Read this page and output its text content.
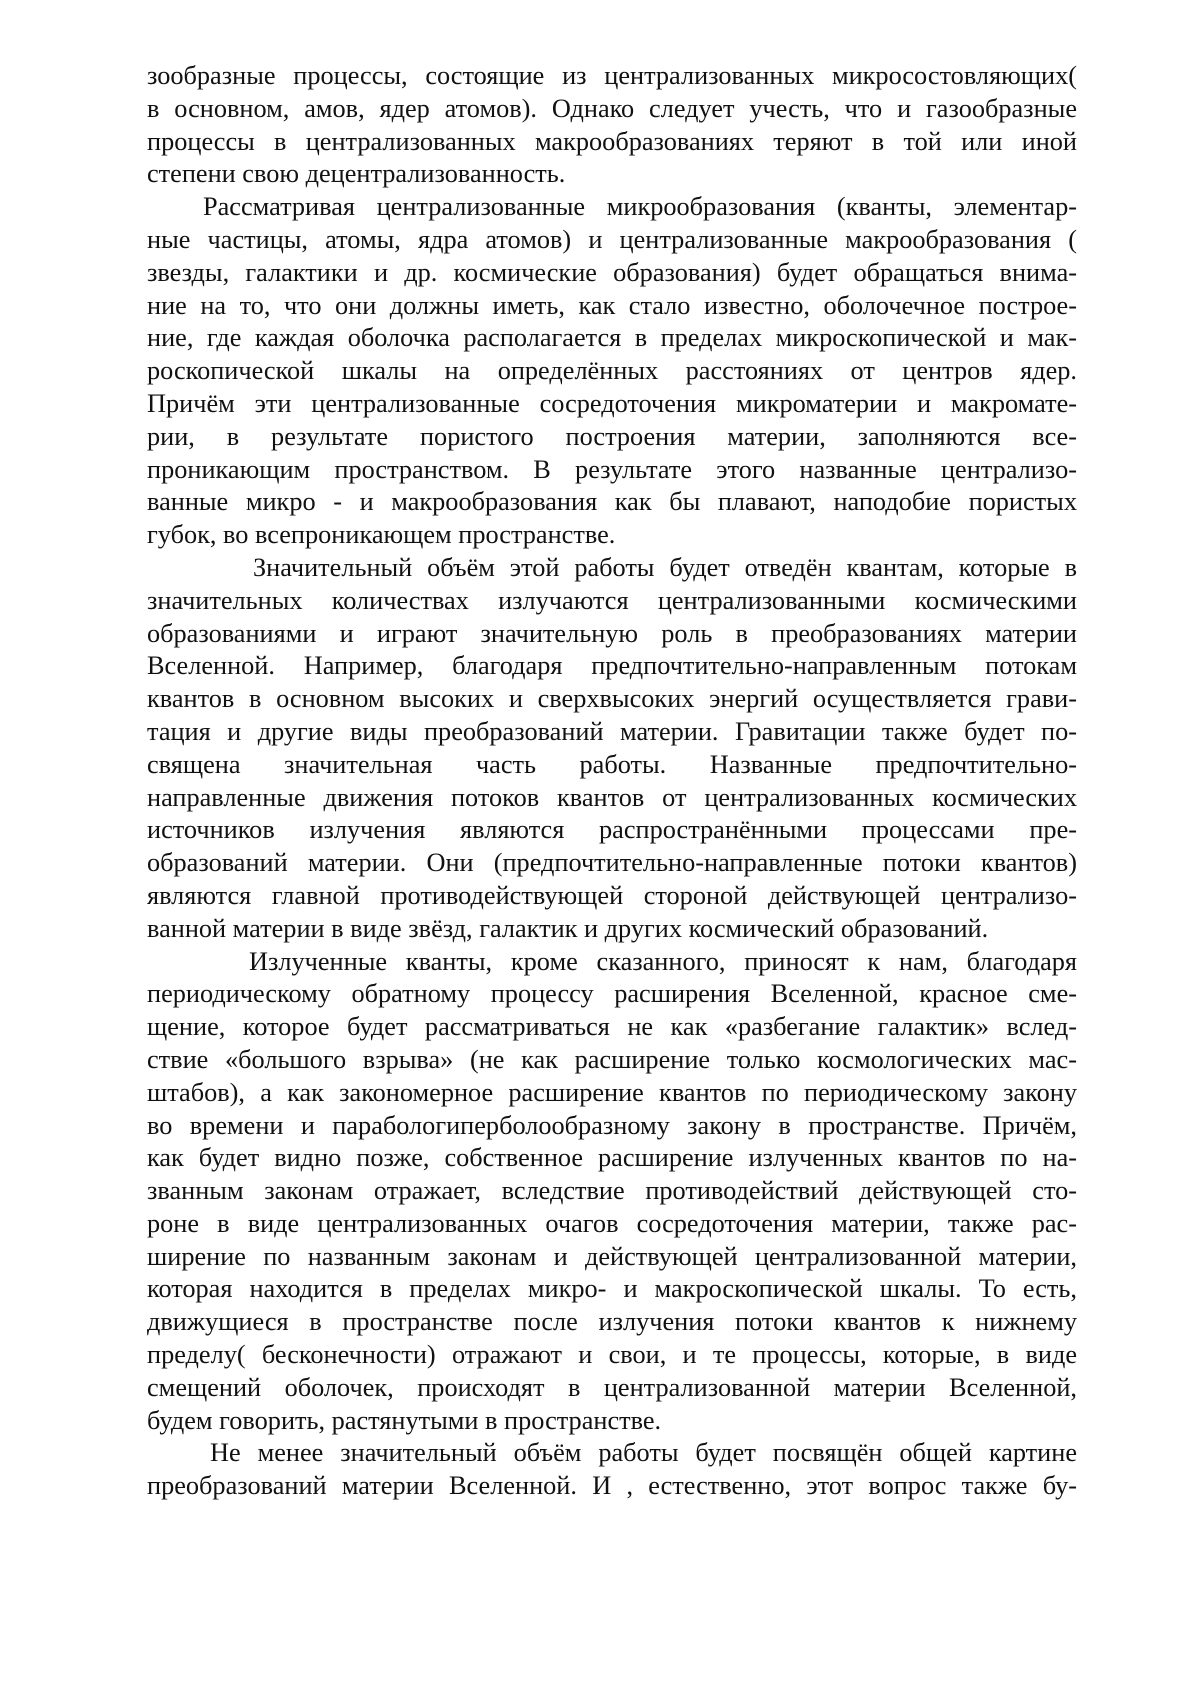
зообразные процессы, состоящие из централизованных микросостовляющих(
в основном, амов, ядер атомов). Однако следует учесть, что и газообразные
процессы в централизованных макрообразованиях теряют в той или иной
степени свою децентрализованность.
Рассматривая централизованные микрообразования (кванты, элементар-
ные частицы, атомы, ядра атомов) и централизованные макрообразования (
звезды, галактики и др. космические образования) будет обращаться внима-
ние на то, что они должны иметь, как стало известно, оболочечное построе-
ние, где каждая оболочка располагается в пределах микроскопической и мак-
роскопической шкалы на определённых расстояниях от центров ядер.
Причём эти централизованные сосредоточения микроматерии и макромате-
рии, в результате пористого построения материи, заполняются все-
проникающим пространством. В результате этого названные централизо-
ванные микро - и макрообразования как бы плавают, наподобие пористых
губок, во всепроникающем пространстве.
Значительный объём этой работы будет отведён квантам, которые в
значительных количествах излучаются централизованными космическими
образованиями и играют значительную роль в преобразованиях материи
Вселенной. Например, благодаря предпочтительно-направленным потокам
квантов в основном высоких и сверхвысоких энергий осуществляется грави-
тация и другие виды преобразований материи. Гравитации также будет по-
священа значительная часть работы. Названные предпочтительно-
направленные движения потоков квантов от централизованных космических
источников излучения являются распространёнными процессами пре-
образований материи. Они (предпочтительно-направленные потоки квантов)
являются главной противодействующей стороной действующей централизо-
ванной материи в виде звёзд, галактик и других космический образований.
Излученные кванты, кроме сказанного, приносят к нам, благодаря
периодическому обратному процессу расширения Вселенной, красное сме-
щение, которое будет рассматриваться не как «разбегание галактик» вслед-
ствие «большого взрыва» (не как расширение только космологических мас-
штабов), а как закономерное расширение квантов по периодическому закону
во времени и парабологиперболообразному закону в пространстве. Причём,
как будет видно позже, собственное расширение излученных квантов по на-
званным законам отражает, вследствие противодействий действующей сто-
роне в виде централизованных очагов сосредоточения материи, также рас-
ширение по названным законам и действующей централизованной материи,
которая находится в пределах микро- и макроскопической шкалы. То есть,
движущиеся в пространстве после излучения потоки квантов к нижнему
пределу( бесконечности) отражают и свои, и те процессы, которые, в виде
смещений оболочек, происходят в централизованной материи Вселенной,
будем говорить, растянутыми в пространстве.
Не менее значительный объём работы будет посвящён общей картине
преобразований материи Вселенной. И , естественно, этот вопрос также бу-
